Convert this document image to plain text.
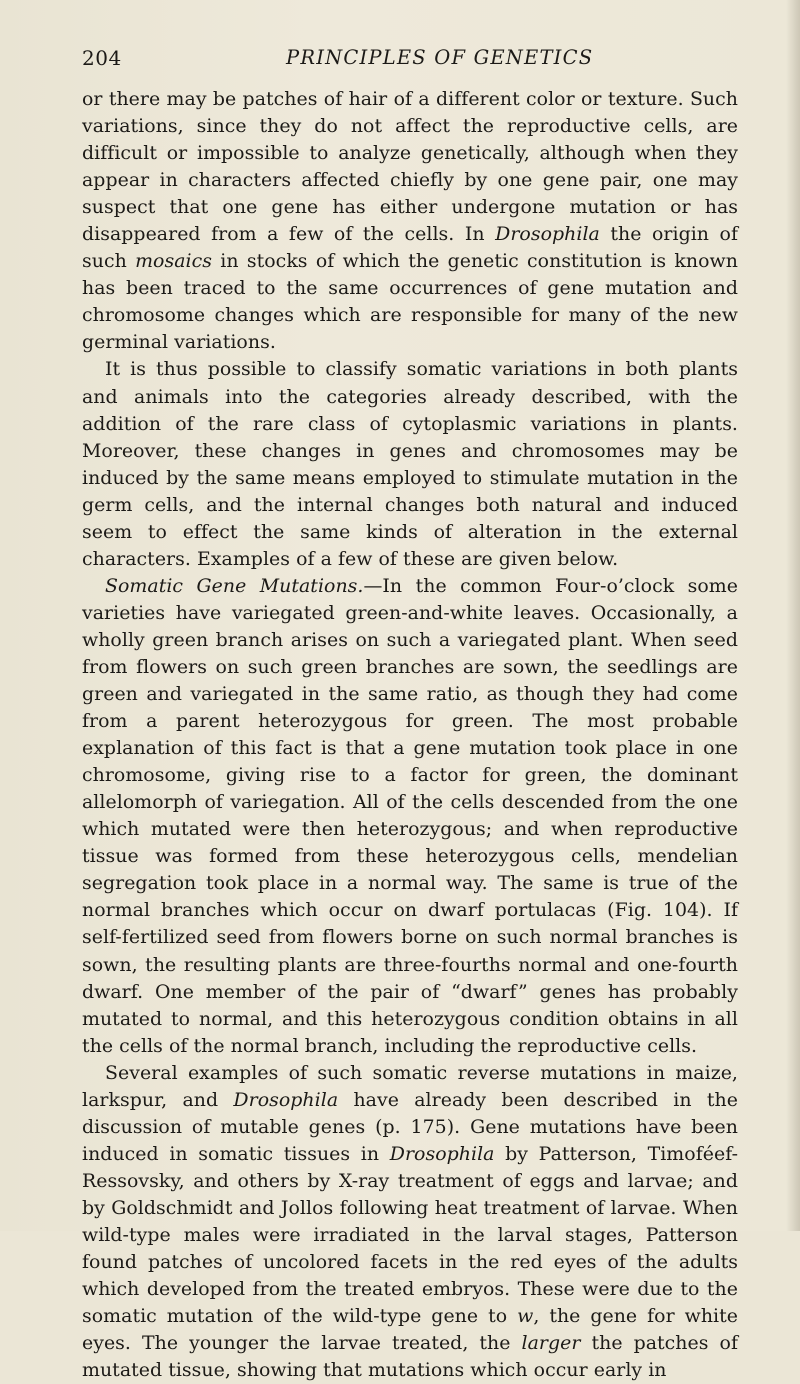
204	PRINCIPLES OF GENETICS

or there may be patches of hair of a different color or texture. Such variations, since they do not affect the reproductive cells, are difficult or impossible to analyze genetically, although when they appear in characters affected chiefly by one gene pair, one may suspect that one gene has either undergone mutation or has disappeared from a few of the cells. In Drosophila the origin of such mosaics in stocks of which the genetic constitution is known has been traced to the same occurrences of gene mutation and chromosome changes which are responsible for many of the new germinal variations.

It is thus possible to classify somatic variations in both plants and animals into the categories already described, with the addition of the rare class of cytoplasmic variations in plants. Moreover, these changes in genes and chromosomes may be induced by the same means employed to stimulate mutation in the germ cells, and the internal changes both natural and induced seem to effect the same kinds of alteration in the external characters. Examples of a few of these are given below.

Somatic Gene Mutations.—In the common Four-o’clock some varieties have variegated green-and-white leaves. Occasionally, a wholly green branch arises on such a variegated plant. When seed from flowers on such green branches are sown, the seedlings are green and variegated in the same ratio, as though they had come from a parent heterozygous for green. The most probable explanation of this fact is that a gene mutation took place in one chromosome, giving rise to a factor for green, the dominant allelomorph of variegation. All of the cells descended from the one which mutated were then heterozygous; and when reproductive tissue was formed from these heterozygous cells, mendelian segregation took place in a normal way. The same is true of the normal branches which occur on dwarf portulacas (Fig. 104). If self-fertilized seed from flowers borne on such normal branches is sown, the resulting plants are three-fourths normal and one-fourth dwarf. One member of the pair of “dwarf” genes has probably mutated to normal, and this heterozygous condition obtains in all the cells of the normal branch, including the reproductive cells.

Several examples of such somatic reverse mutations in maize, larkspur, and Drosophila have already been described in the discussion of mutable genes (p. 175). Gene mutations have been induced in somatic tissues in Drosophila by Patterson, Timoféef-Ressovsky, and others by X-ray treatment of eggs and larvae; and by Goldschmidt and Jollos following heat treatment of larvae. When wild-type males were irradiated in the larval stages, Patterson found patches of uncolored facets in the red eyes of the adults which developed from the treated embryos. These were due to the somatic mutation of the wild-type gene to w, the gene for white eyes. The younger the larvae treated, the larger the patches of mutated tissue, showing that mutations which occur early in
